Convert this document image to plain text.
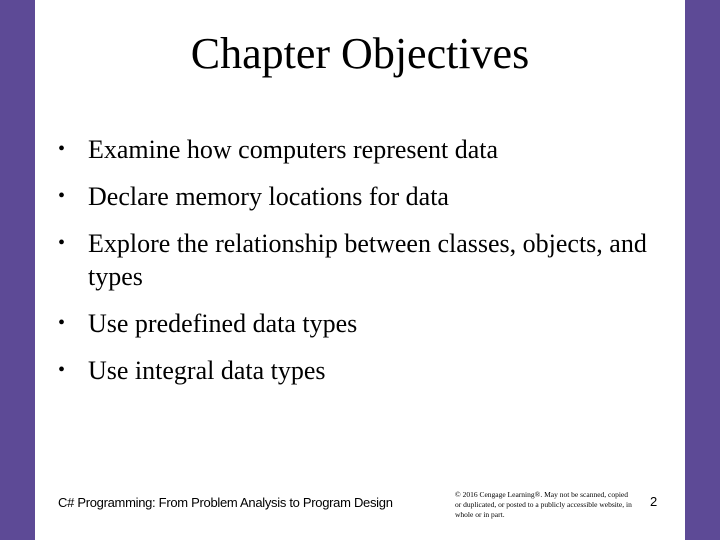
Chapter Objectives
• Examine how computers represent data
• Declare memory locations for data
• Explore the relationship between classes, objects, and types
• Use predefined data types
• Use integral data types
C# Programming: From Problem Analysis to Program Design
© 2016 Cengage Learning®. May not be scanned, copied or duplicated, or posted to a publicly accessible website, in whole or in part.
2
